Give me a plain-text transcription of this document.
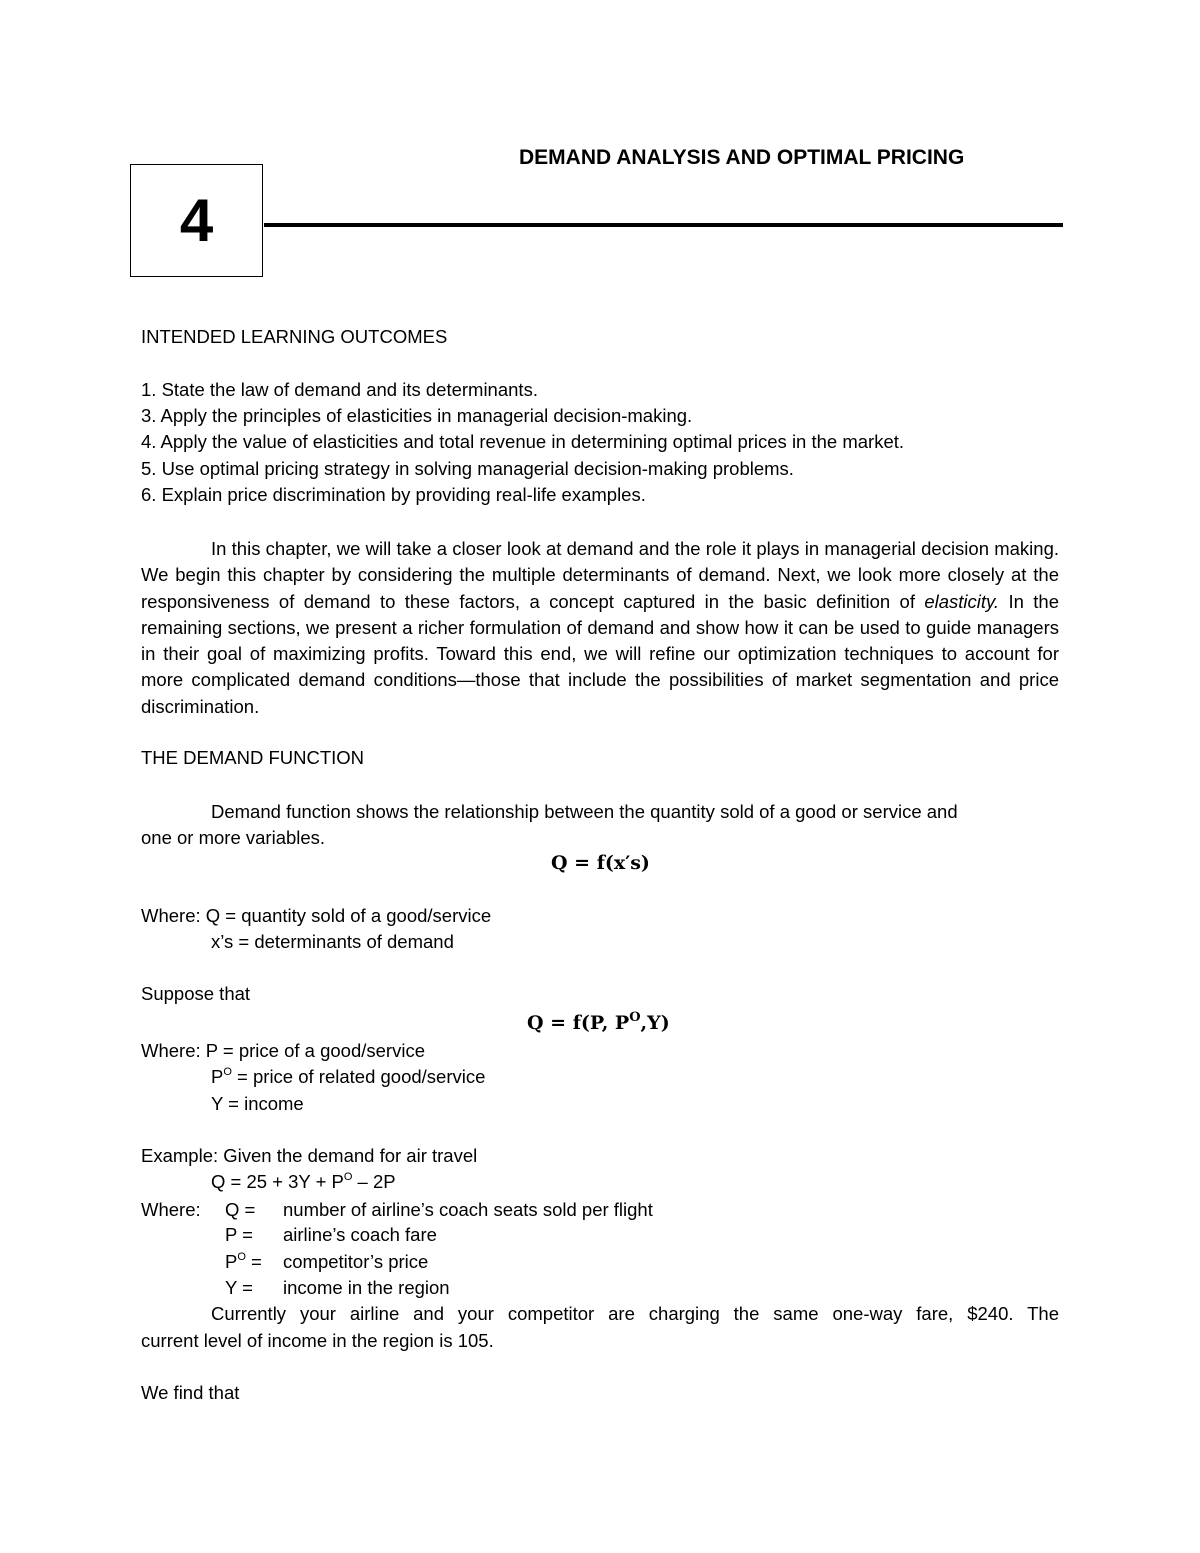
4
DEMAND ANALYSIS AND OPTIMAL PRICING
INTENDED LEARNING OUTCOMES
1. State the law of demand and its determinants.
3. Apply the principles of elasticities in managerial decision-making.
4. Apply the value of elasticities and total revenue in determining optimal prices in the market.
5. Use optimal pricing strategy in solving managerial decision-making problems.
6. Explain price discrimination by providing real-life examples.
In this chapter, we will take a closer look at demand and the role it plays in managerial decision making. We begin this chapter by considering the multiple determinants of demand. Next, we look more closely at the responsiveness of demand to these factors, a concept captured in the basic definition of elasticity. In the remaining sections, we present a richer formulation of demand and show how it can be used to guide managers in their goal of maximizing profits. Toward this end, we will refine our optimization techniques to account for more complicated demand conditions—those that include the possibilities of market segmentation and price discrimination.
THE DEMAND FUNCTION
Demand function shows the relationship between the quantity sold of a good or service and
one or more variables.
Q = f(x′s)
Where: Q = quantity sold of a good/service
x’s = determinants of demand
Suppose that
Q = f(P, $P^O,Y$)
Where: P = price of a good/service
$P^O$ = price of related good/service
Y = income
Example: Given the demand for air travel
$Q = 25 + 3Y + P^O - 2P$
Where: Q = number of airline’s coach seats sold per flight
P = airline’s coach fare
$P^O$ = competitor’s price
Y = income in the region
Currently your airline and your competitor are charging the same one-way fare, $240. The
current level of income in the region is 105.
We find that
